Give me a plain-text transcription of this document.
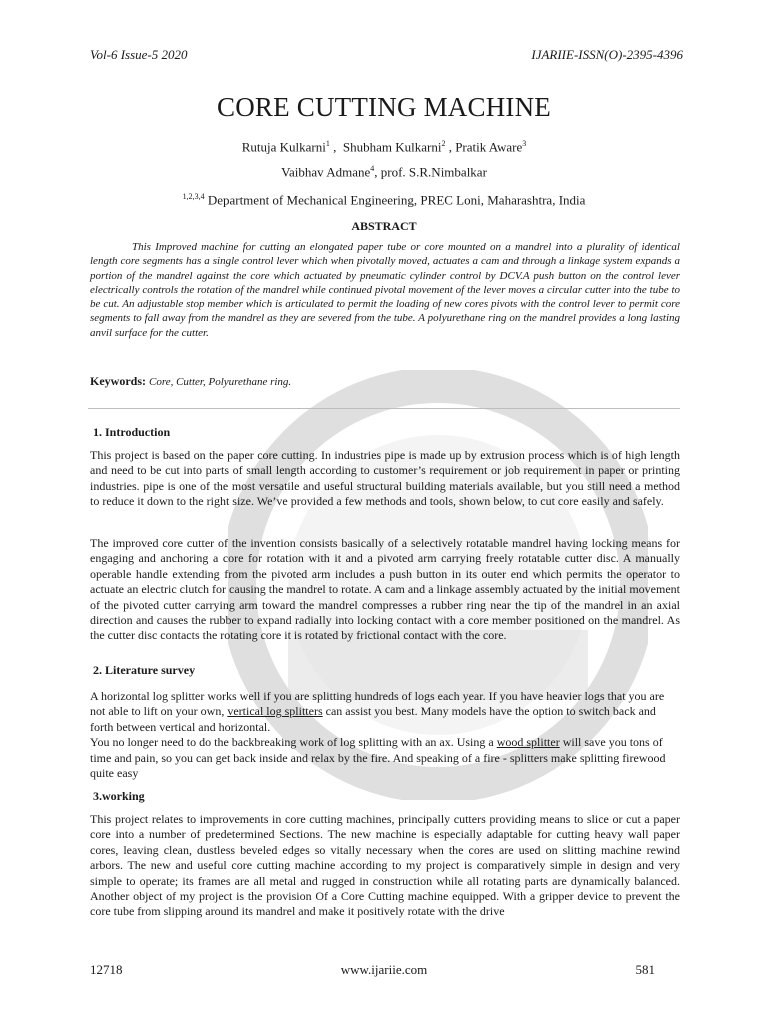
Vol-6 Issue-5 2020	IJARIIE-ISSN(O)-2395-4396
CORE CUTTING MACHINE
Rutuja Kulkarni$^1$ ,  Shubham Kulkarni$^2$ , Pratik Aware$^3$
Vaibhav Admane$^4$, prof. S.R.Nimbalkar
$^{1,2,3,4}$ Department of Mechanical Engineering, PREC Loni, Maharashtra, India
ABSTRACT
This Improved machine for cutting an elongated paper tube or core mounted on a mandrel into a plurality of identical length core segments has a single control lever which when pivotally moved, actuates a cam and through a linkage system expands a portion of the mandrel against the core which actuated by pneumatic cylinder control by DCV.A push button on the control lever electrically controls the rotation of the mandrel while continued pivotal movement of the lever moves a circular cutter into the tube to be cut. An adjustable stop member which is articulated to permit the loading of new cores pivots with the control lever to permit core segments to fall away from the mandrel as they are severed from the tube. A polyurethane ring on the mandrel provides a long lasting anvil surface for the cutter.
Keywords: Core, Cutter, Polyurethane ring.
1. Introduction

This project is based on the paper core cutting. In industries pipe is made up by extrusion process which is of high length and need to be cut into parts of small length according to customer’s requirement or job requirement in paper or printing industries. pipe is one of the most versatile and useful structural building materials available, but you still need a method to reduce it down to the right size. We’ve provided a few methods and tools, shown below, to cut core easily and safely.

The improved core cutter of the invention consists basically of a selectively rotatable mandrel having locking means for engaging and anchoring a core for rotation with it and a pivoted arm carrying freely rotatable cutter disc. A manually operable handle extending from the pivoted arm includes a push button in its outer end which permits the operator to actuate an electric clutch for causing the mandrel to rotate. A cam and a linkage assembly actuated by the initial movement of the pivoted cutter carrying arm toward the mandrel compresses a rubber ring near the tip of the mandrel in an axial direction and causes the rubber to expand radially into locking contact with a core member positioned on the mandrel. As the cutter disc contacts the rotating core it is rotated by frictional contact with the core.

2. Literature survey

A horizontal log splitter works well if you are splitting hundreds of logs each year. If you have heavier logs that you are not able to lift on your own, vertical log splitters can assist you best. Many models have the option to switch back and forth between vertical and horizontal.
You no longer need to do the backbreaking work of log splitting with an ax. Using a wood splitter will save you tons of time and pain, so you can get back inside and relax by the fire. And speaking of a fire - splitters make splitting firewood quite easy

3.working

This project relates to improvements in core cutting machines, principally cutters providing means to slice or cut a paper core into a number of predetermined Sections. The new machine is especially adaptable for cutting heavy wall paper cores, leaving clean, dustless beveled edges so vitally necessary when the cores are used on slitting machine rewind arbors. The new and useful core cutting machine according to my project is comparatively simple in design and very simple to operate; its frames are all metal and rugged in construction while all rotating parts are dynamically balanced. Another object of my project is the provision Of a Core Cutting machine equipped. With a gripper device to prevent the core tube from slipping around its mandrel and make it positively rotate with the drive

12718	www.ijariie.com	581
